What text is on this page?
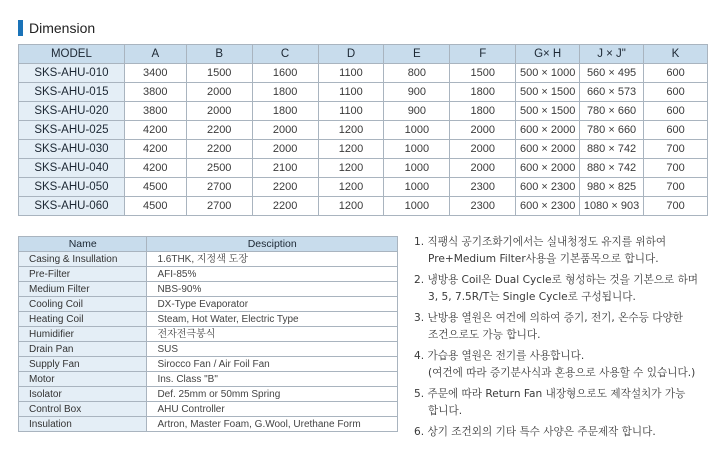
Dimension
MODEL	A	B	C	D	E	F	G× H	J × J"	K
SKS-AHU-010	3400	1500	1600	1100	800	1500	500 × 1000	560 × 495	600
SKS-AHU-015	3800	2000	1800	1100	900	1800	500 × 1500	660 × 573	600
SKS-AHU-020	3800	2000	1800	1100	900	1800	500 × 1500	780 × 660	600
SKS-AHU-025	4200	2200	2000	1200	1000	2000	600 × 2000	780 × 660	600
SKS-AHU-030	4200	2200	2000	1200	1000	2000	600 × 2000	880 × 742	700
SKS-AHU-040	4200	2500	2100	1200	1000	2000	600 × 2000	880 × 742	700
SKS-AHU-050	4500	2700	2200	1200	1000	2300	600 × 2300	980 × 825	700
SKS-AHU-060	4500	2700	2200	1200	1000	2300	600 × 2300	1080 × 903	700
Name	Desciption
Casing & Insullation	1.6THK, 지정색 도장
Pre-Filter	AFI-85%
Medium Filter	NBS-90%
Cooling Coil	DX-Type Evaporator
Heating Coil	Steam, Hot Water, Electric Type
Humidifier	전자전극봉식
Drain Pan	SUS
Supply Fan	Sirocco Fan / Air Foil Fan
Motor	Ins. Class "B"
Isolator	Def. 25mm or 50mm Spring
Control Box	AHU Controller
Insulation	Artron, Master Foam, G.Wool, Urethane Form
1. 직팽식 공기조화기에서는 실내청정도 유지를 위하여
Pre+Medium Filter사용을 기본품목으로 합니다.
2. 냉방용 Coil은 Dual Cycle로 형성하는 것을 기본으로 하며
3, 5, 7.5R/T는 Single Cycle로 구성됩니다.
3. 난방용 열원은 여건에 의하여 증기, 전기, 온수등 다양한
조건으로도 가능 합니다.
4. 가습용 열원은 전기를 사용합니다.
(여건에 따라 증기분사식과 혼용으로 사용할 수 있습니다.)
5. 주문에 따라 Return Fan 내장형으로도 제작설치가 가능
합니다.
6. 상기 조건외의 기타 특수 사양은 주문제작 합니다.
